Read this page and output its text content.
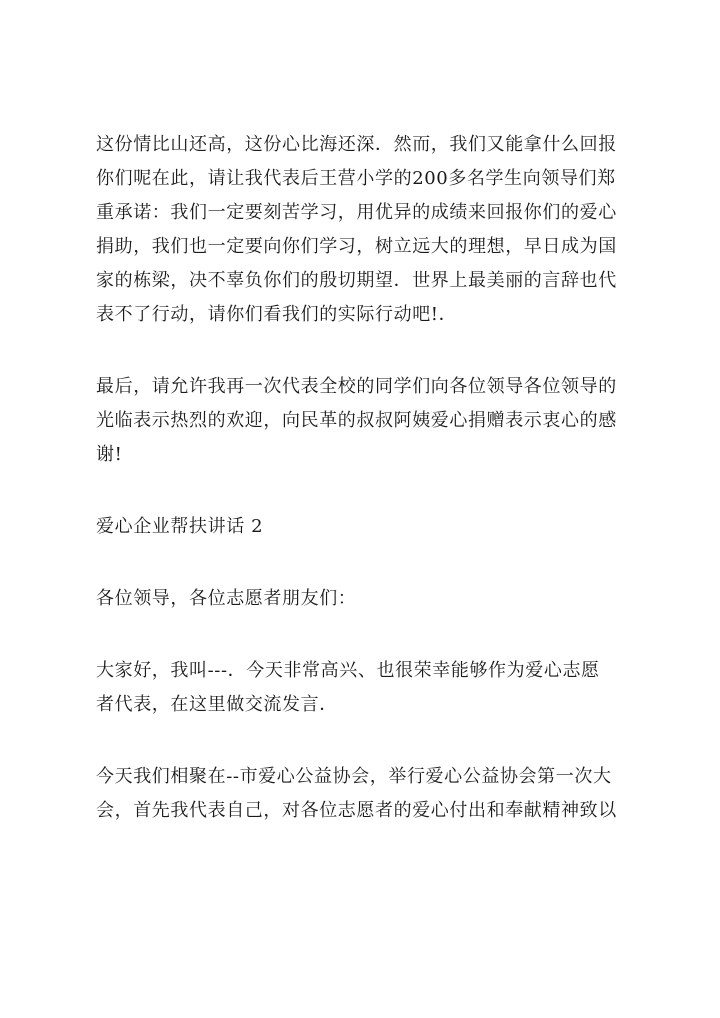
这份情比山还高，这份心比海还深．然而，我们又能拿什么回报
你们呢在此，请让我代表后王营小学的200多名学生向领导们郑
重承诺：我们一定要刻苦学习，用优异的成绩来回报你们的爱心
捐助，我们也一定要向你们学习，树立远大的理想，早日成为国
家的栋梁，决不辜负你们的殷切期望．世界上最美丽的言辞也代
表不了行动，请你们看我们的实际行动吧!．

最后，请允许我再一次代表全校的同学们向各位领导各位领导的
光临表示热烈的欢迎，向民革的叔叔阿姨爱心捐赠表示衷心的感
谢!

爱心企业帮扶讲话 2

各位领导，各位志愿者朋友们：

大家好，我叫---．今天非常高兴、也很荣幸能够作为爱心志愿
者代表，在这里做交流发言．

今天我们相聚在--市爱心公益协会，举行爱心公益协会第一次大
会，首先我代表自己，对各位志愿者的爱心付出和奉献精神致以
